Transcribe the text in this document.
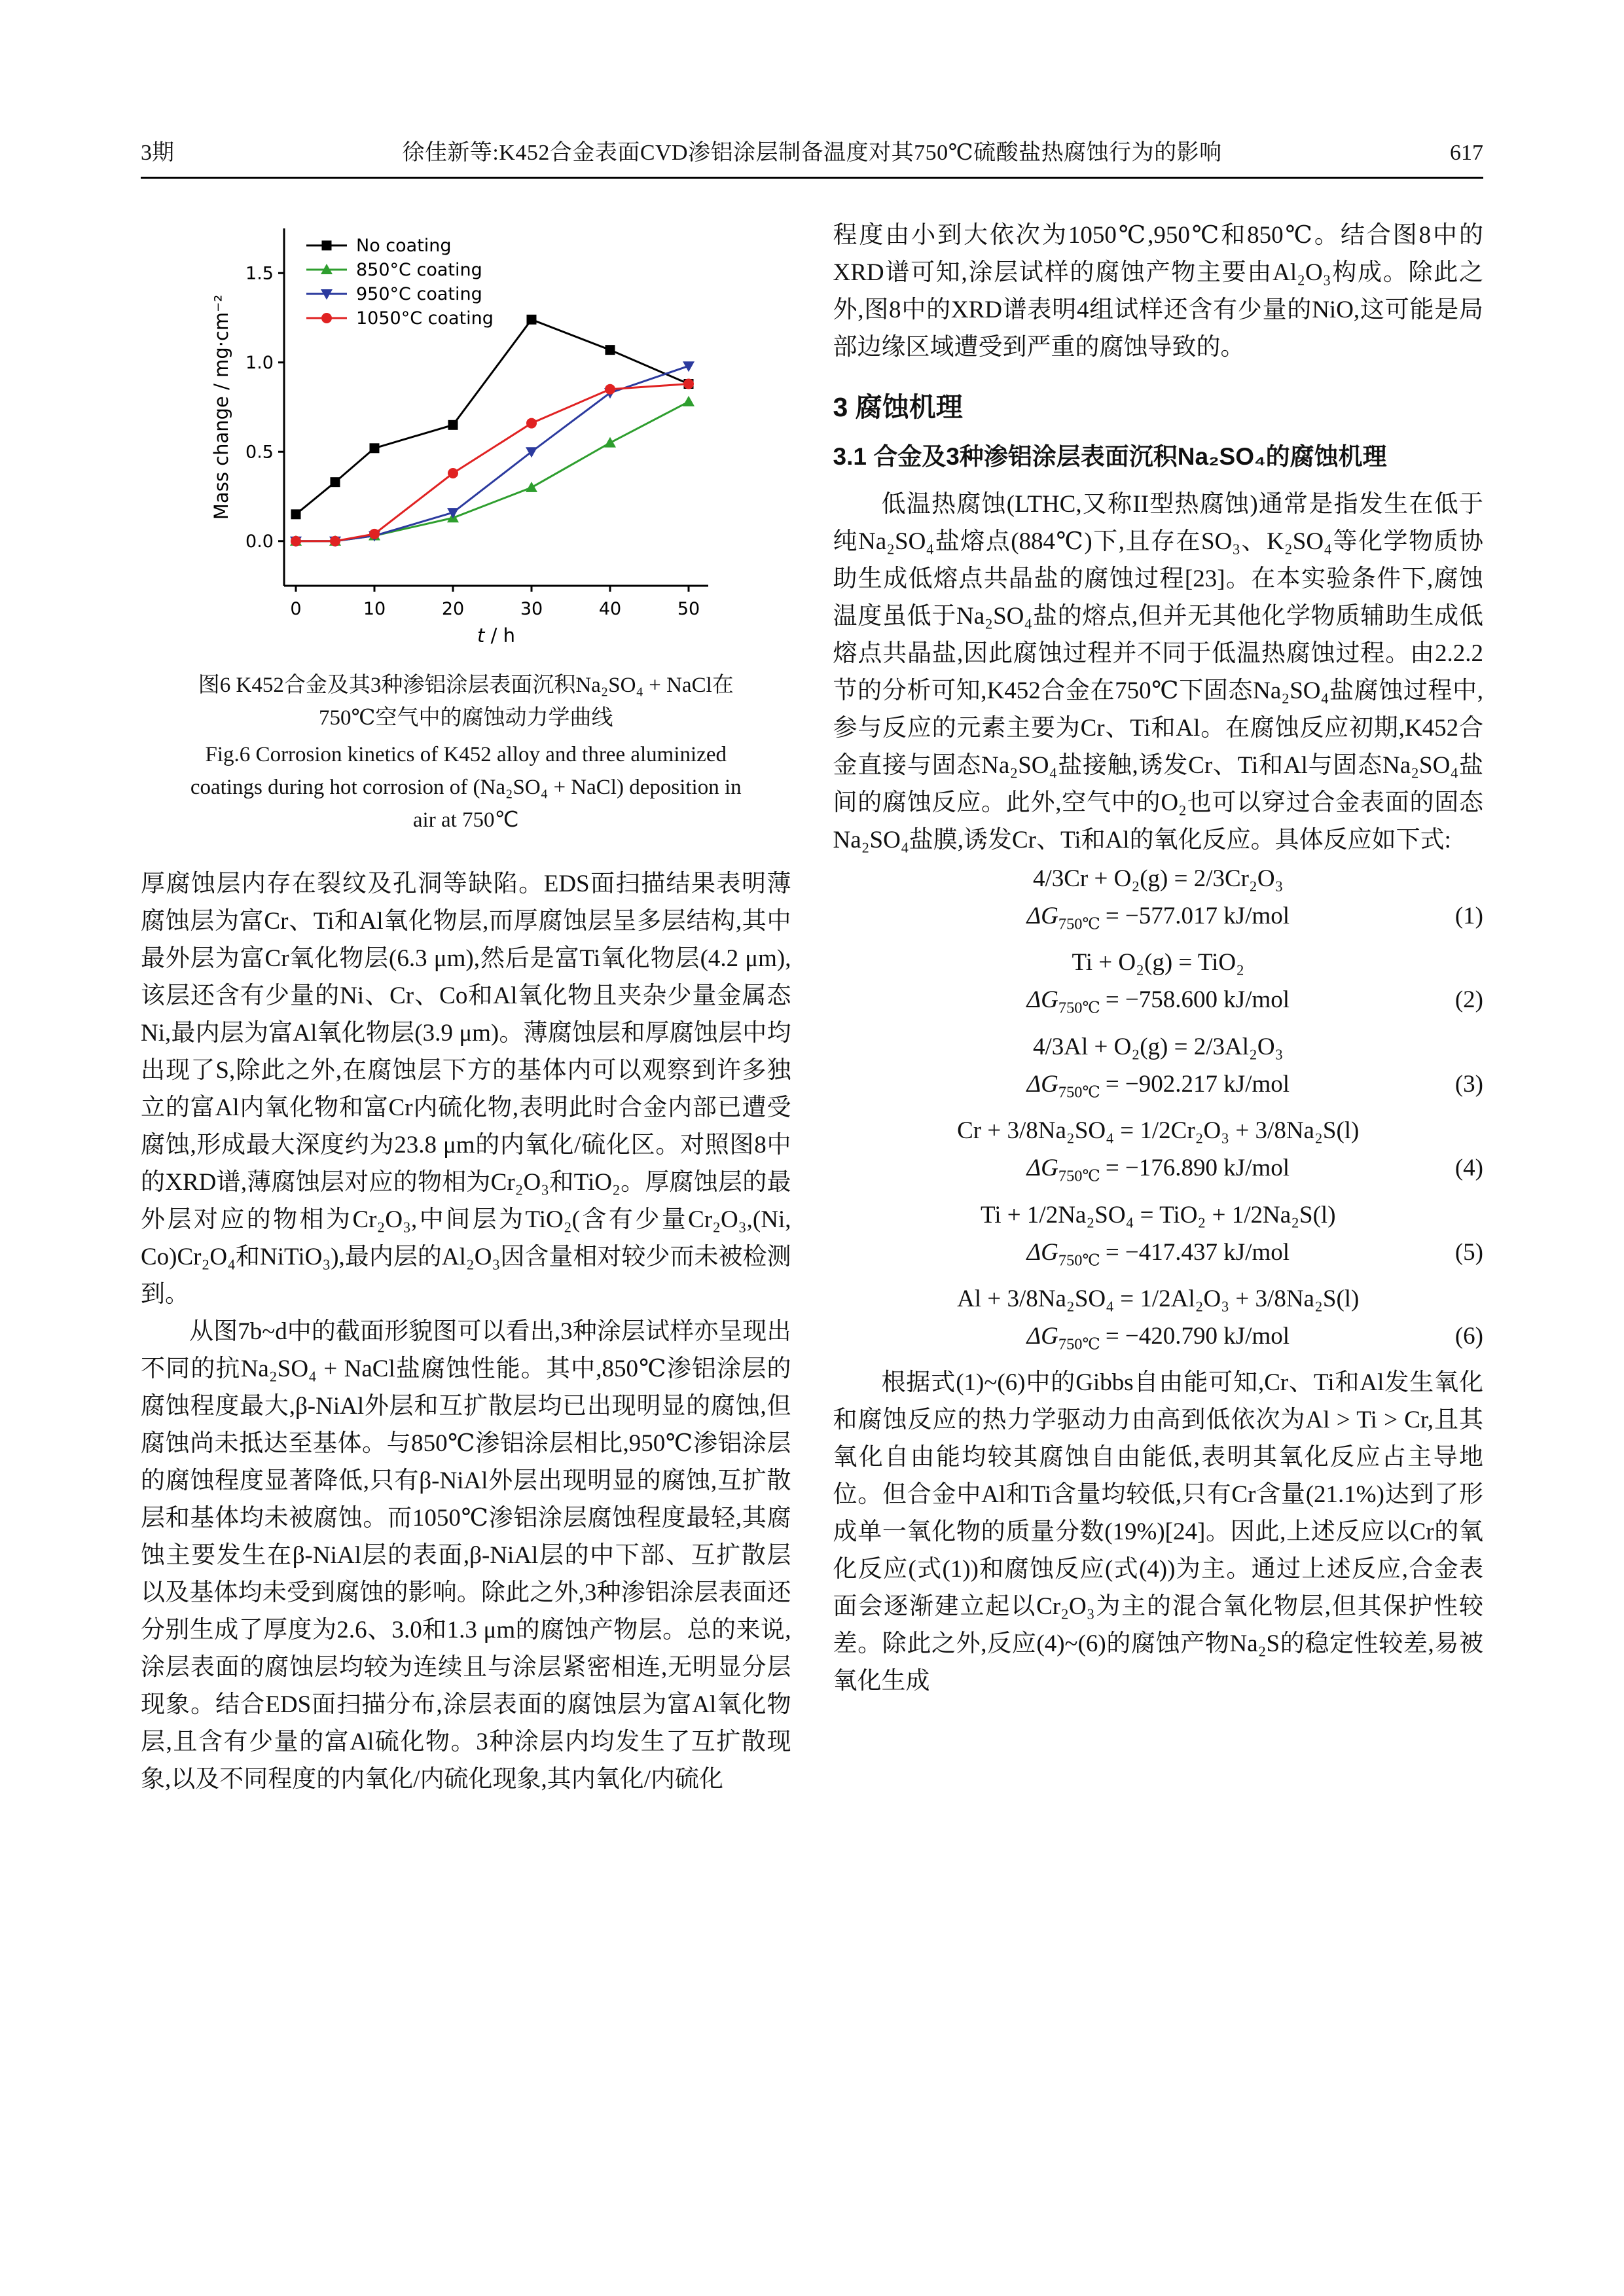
3期	徐佳新等:K452合金表面CVD渗铝涂层制备温度对其750℃硫酸盐热腐蚀行为的影响	617
0	10	20	30	40	50
0.0
0.5
1.0
1.5
t / h
Mass change / mg·cm⁻²
No coating
850°C coating
950°C coating
1050°C coating
图6 K452合金及其3种渗铝涂层表面沉积Na₂SO₄ + NaCl在750℃空气中的腐蚀动力学曲线
Fig.6 Corrosion kinetics of K452 alloy and three aluminized coatings during hot corrosion of (Na₂SO₄ + NaCl) deposition in air at 750℃

厚腐蚀层内存在裂纹及孔洞等缺陷。EDS面扫描结果表明薄腐蚀层为富Cr、Ti和Al氧化物层,而厚腐蚀层呈多层结构,其中最外层为富Cr氧化物层(6.3 μm),然后是富Ti氧化物层(4.2 μm),该层还含有少量的Ni、Cr、Co和Al氧化物且夹杂少量金属态Ni,最内层为富Al氧化物层(3.9 μm)。薄腐蚀层和厚腐蚀层中均出现了S,除此之外,在腐蚀层下方的基体内可以观察到许多独立的富Al内氧化物和富Cr内硫化物,表明此时合金内部已遭受腐蚀,形成最大深度约为23.8 μm的内氧化/硫化区。对照图8中的XRD谱,薄腐蚀层对应的物相为Cr₂O₃和TiO₂。厚腐蚀层的最外层对应的物相为Cr₂O₃,中间层为TiO₂(含有少量Cr₂O₃,(Ni, Co)Cr₂O₄和NiTiO₃),最内层的Al₂O₃因含量相对较少而未被检测到。

从图7b~d中的截面形貌图可以看出,3种涂层试样亦呈现出不同的抗Na₂SO₄ + NaCl盐腐蚀性能。其中,850℃渗铝涂层的腐蚀程度最大,β-NiAl外层和互扩散层均已出现明显的腐蚀,但腐蚀尚未抵达至基体。与850℃渗铝涂层相比,950℃渗铝涂层的腐蚀程度显著降低,只有β-NiAl外层出现明显的腐蚀,互扩散层和基体均未被腐蚀。而1050℃渗铝涂层腐蚀程度最轻,其腐蚀主要发生在β-NiAl层的表面,β-NiAl层的中下部、互扩散层以及基体均未受到腐蚀的影响。除此之外,3种渗铝涂层表面还分别生成了厚度为2.6、3.0和1.3 μm的腐蚀产物层。总的来说,涂层表面的腐蚀层均较为连续且与涂层紧密相连,无明显分层现象。结合EDS面扫描分布,涂层表面的腐蚀层为富Al氧化物层,且含有少量的富Al硫化物。3种涂层内均发生了互扩散现象,以及不同程度的内氧化/内硫化现象,其内氧化/内硫化

程度由小到大依次为1050℃,950℃和850℃。结合图8中的XRD谱可知,涂层试样的腐蚀产物主要由Al₂O₃构成。除此之外,图8中的XRD谱表明4组试样还含有少量的NiO,这可能是局部边缘区域遭受到严重的腐蚀导致的。

3 腐蚀机理
3.1 合金及3种渗铝涂层表面沉积Na₂SO₄的腐蚀机理

低温热腐蚀(LTHC,又称II型热腐蚀)通常是指发生在低于纯Na₂SO₄盐熔点(884℃)下,且存在SO₃、K₂SO₄等化学物质协助生成低熔点共晶盐的腐蚀过程[23]。在本实验条件下,腐蚀温度虽低于Na₂SO₄盐的熔点,但并无其他化学物质辅助生成低熔点共晶盐,因此腐蚀过程并不同于低温热腐蚀过程。由2.2.2节的分析可知,K452合金在750℃下固态Na₂SO₄盐腐蚀过程中,参与反应的元素主要为Cr、Ti和Al。在腐蚀反应初期,K452合金直接与固态Na₂SO₄盐接触,诱发Cr、Ti和Al与固态Na₂SO₄盐间的腐蚀反应。此外,空气中的O₂也可以穿过合金表面的固态Na₂SO₄盐膜,诱发Cr、Ti和Al的氧化反应。具体反应如下式:

4/3Cr + O₂(g) = 2/3Cr₂O₃
$\Delta G_{750℃} = -577.017$ kJ/mol	(1)
Ti + O₂(g) = TiO₂
$\Delta G_{750℃} = -758.600$ kJ/mol	(2)
4/3Al + O₂(g) = 2/3Al₂O₃
$\Delta G_{750℃} = -902.217$ kJ/mol	(3)
Cr + 3/8Na₂SO₄ = 1/2Cr₂O₃ + 3/8Na₂S(l)
$\Delta G_{750℃} = -176.890$ kJ/mol	(4)
Ti + 1/2Na₂SO₄ = TiO₂ + 1/2Na₂S(l)
$\Delta G_{750℃} = -417.437$ kJ/mol	(5)
Al + 3/8Na₂SO₄ = 1/2Al₂O₃ + 3/8Na₂S(l)
$\Delta G_{750℃} = -420.790$ kJ/mol	(6)

根据式(1)~(6)中的Gibbs自由能可知,Cr、Ti和Al发生氧化和腐蚀反应的热力学驱动力由高到低依次为Al > Ti > Cr,且其氧化自由能均较其腐蚀自由能低,表明其氧化反应占主导地位。但合金中Al和Ti含量均较低,只有Cr含量(21.1%)达到了形成单一氧化物的质量分数(19%)[24]。因此,上述反应以Cr的氧化反应(式(1))和腐蚀反应(式(4))为主。通过上述反应,合金表面会逐渐建立起以Cr₂O₃为主的混合氧化物层,但其保护性较差。除此之外,反应(4)~(6)的腐蚀产物Na₂S的稳定性较差,易被氧化生成
